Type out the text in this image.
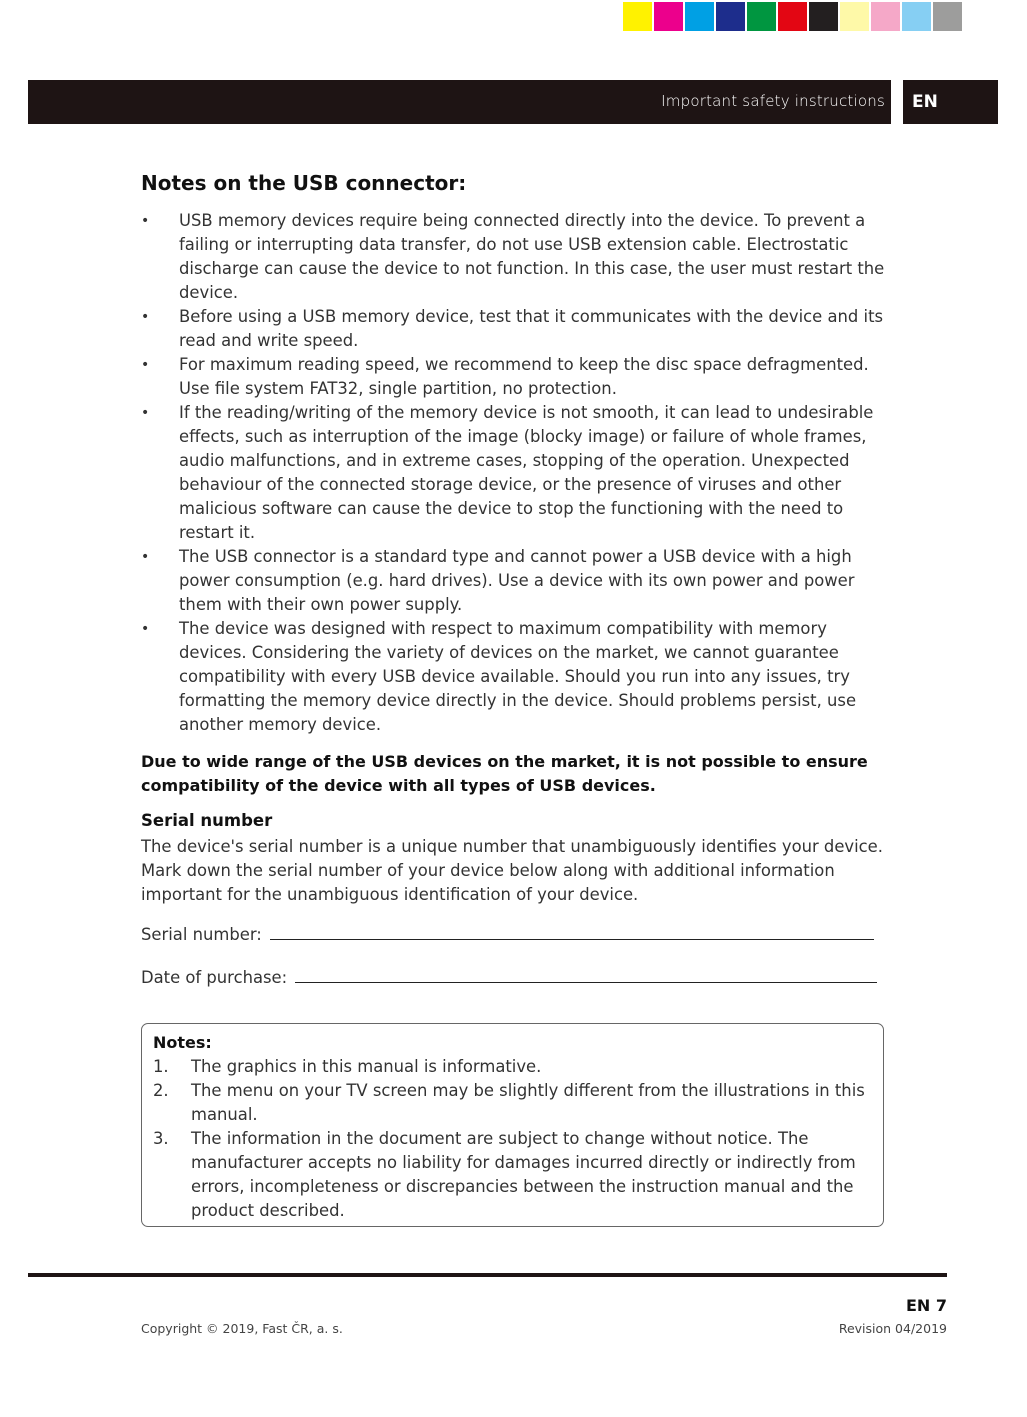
Important safety instructions	EN
Notes on the USB connector:
• USB memory devices require being connected directly into the device. To prevent a failing or interrupting data transfer, do not use USB extension cable. Electrostatic discharge can cause the device to not function. In this case, the user must restart the device.
• Before using a USB memory device, test that it communicates with the device and its read and write speed.
• For maximum reading speed, we recommend to keep the disc space defragmented. Use file system FAT32, single partition, no protection.
• If the reading/writing of the memory device is not smooth, it can lead to undesirable effects, such as interruption of the image (blocky image) or failure of whole frames, audio malfunctions, and in extreme cases, stopping of the operation. Unexpected behaviour of the connected storage device, or the presence of viruses and other malicious software can cause the device to stop the functioning with the need to restart it.
• The USB connector is a standard type and cannot power a USB device with a high power consumption (e.g. hard drives). Use a device with its own power and power them with their own power supply.
• The device was designed with respect to maximum compatibility with memory devices. Considering the variety of devices on the market, we cannot guarantee compatibility with every USB device available. Should you run into any issues, try formatting the memory device directly in the device. Should problems persist, use another memory device.
Due to wide range of the USB devices on the market, it is not possible to ensure compatibility of the device with all types of USB devices.
Serial number
The device's serial number is a unique number that unambiguously identifies your device. Mark down the serial number of your device below along with additional information important for the unambiguous identification of your device.
Serial number:
Date of purchase:
Notes:
1. The graphics in this manual is informative.
2. The menu on your TV screen may be slightly different from the illustrations in this manual.
3. The information in the document are subject to change without notice. The manufacturer accepts no liability for damages incurred directly or indirectly from errors, incompleteness or discrepancies between the instruction manual and the product described.
EN 7
Copyright © 2019, Fast ČR, a. s.	Revision 04/2019
